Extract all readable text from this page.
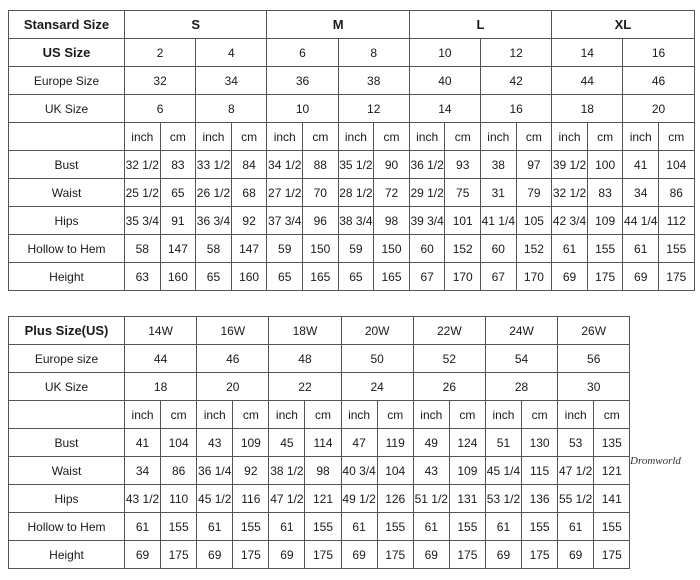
Stansard Size	S				M				L				XL			
US Size	2		4		6		8		10		12		14		16	
Europe Size	32		34		36		38		40		42		44		46	
UK Size	6		8		10		12		14		16		18		20	
	inch	cm	inch	cm	inch	cm	inch	cm	inch	cm	inch	cm	inch	cm	inch	cm
Bust	32 1/2	83	33 1/2	84	34 1/2	88	35 1/2	90	36 1/2	93	38	97	39 1/2	100	41	104
Waist	25 1/2	65	26 1/2	68	27 1/2	70	28 1/2	72	29 1/2	75	31	79	32 1/2	83	34	86
Hips	35 3/4	91	36 3/4	92	37 3/4	96	38 3/4	98	39 3/4	101	41 1/4	105	42 3/4	109	44 1/4	112
Hollow to Hem	58	147	58	147	59	150	59	150	60	152	60	152	61	155	61	155
Height	63	160	65	160	65	165	65	165	67	170	67	170	69	175	69	175
Plus Size(US)	14W		16W		18W		20W		22W		24W		26W	
Europe size	44		46		48		50		52		54		56	
UK Size	18		20		22		24		26		28		30	
	inch	cm	inch	cm	inch	cm	inch	cm	inch	cm	inch	cm	inch	cm
Bust	41	104	43	109	45	114	47	119	49	124	51	130	53	135
Waist	34	86	36 1/4	92	38 1/2	98	40 3/4	104	43	109	45 1/4	115	47 1/2	121
Hips	43 1/2	110	45 1/2	116	47 1/2	121	49 1/2	126	51 1/2	131	53 1/2	136	55 1/2	141
Hollow to Hem	61	155	61	155	61	155	61	155	61	155	61	155	61	155
Height	69	175	69	175	69	175	69	175	69	175	69	175	69	175
Dromworld
